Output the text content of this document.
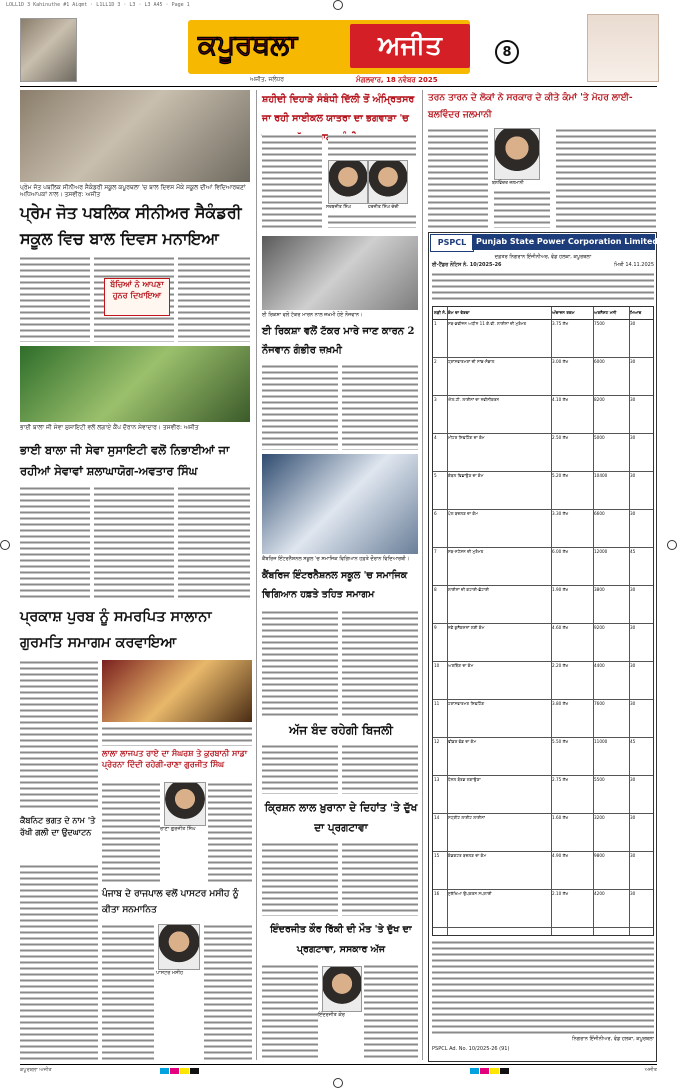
LOLL1D 3 Kahinuthe #1 Aiqmt · L1LL1D 3 · L3 · L3 A45 · Page 1
ਕਪੂਰਥਲਾ	ਅਜੀਤ
ਅਜੀਤ, ਜਲੰਧਰ	ਮੰਗਲਵਾਰ, 18 ਨਵੰਬਰ 2025
8
ਪ੍ਰੇਮ ਜੋਤ ਪਬਲਿਕ ਸੀਨੀਅਰ ਸੈਕੰਡਰੀ ਸਕੂਲ ਕਪੂਰਥਲਾ 'ਚ ਬਾਲ ਦਿਵਸ ਮੌਕੇ ਸਕੂਲ ਦੀਆਂ ਵਿਦਿਆਰਥਣਾਂ ਅਧਿਆਪਕਾਂ ਨਾਲ। ਤਸਵੀਰ: ਅਜੀਤ
ਪ੍ਰੇਮ ਜੋਤ ਪਬਲਿਕ ਸੀਨੀਅਰ ਸੈਕੰਡਰੀ ਸਕੂਲ ਵਿਚ ਬਾਲ ਦਿਵਸ ਮਨਾਇਆ
ਬੱਚਿਆਂ ਨੇ ਆਪਣਾ ਹੁਨਰ ਦਿਖਾਇਆ
ਭਾਈ ਬਾਲਾ ਜੀ ਸੇਵਾ ਸੁਸਾਇਟੀ ਵਲੋਂ ਲਗਾਏ ਕੈਂਪ ਦੌਰਾਨ ਸੇਵਾਦਾਰ। ਤਸਵੀਰ: ਅਜੀਤ
ਭਾਈ ਬਾਲਾ ਜੀ ਸੇਵਾ ਸੁਸਾਇਟੀ ਵਲੋਂ ਨਿਭਾਈਆਂ ਜਾ ਰਹੀਆਂ ਸੇਵਾਵਾਂ ਸ਼ਲਾਘਾਯੋਗ-ਅਵਤਾਰ ਸਿੰਘ
ਪ੍ਰਕਾਸ਼ ਪੁਰਬ ਨੂੰ ਸਮਰਪਿਤ ਸਾਲਾਨਾ ਗੁਰਮਤਿ ਸਮਾਗਮ ਕਰਵਾਇਆ
ਲਾਲਾ ਲਾਜਪਤ ਰਾਏ ਦਾ ਸੰਘਰਸ਼ ਤੇ ਕੁਰਬਾਨੀ ਸਾਡਾ ਪ੍ਰੇਰਨਾ ਦਿੰਦੀ ਰਹੇਗੀ-ਰਾਣਾ ਗੁਰਜੀਤ ਸਿੰਘ
ਰਾਣਾ ਗੁਰਜੀਤ ਸਿੰਘ
ਕੈਬਨਿਟ ਭਗਤ ਦੇ ਨਾਮ 'ਤੇ ਰੱਖੀ ਗਲੀ ਦਾ ਉਦਘਾਟਨ
ਪੰਜਾਬ ਦੇ ਰਾਜਪਾਲ ਵਲੋਂ ਪਾਸਟਰ ਮਸੀਹ ਨੂੰ ਕੀਤਾ ਸਨਮਾਨਿਤ
ਪਾਸਟਰ ਮਸੀਹ
ਸ਼ਹੀਦੀ ਦਿਹਾੜੇ ਸੰਬੰਧੀ ਦਿੱਲੀ ਤੋਂ ਅੰਮ੍ਰਿਤਸਰ ਜਾ ਰਹੀ ਸਾਈਕਲ ਯਾਤਰਾ ਦਾ ਭਗਵਾੜਾ 'ਚ
ਸਰਬਜੀਤ ਸਿੰਘ	ਹਰਜੀਤ ਸਿੰਘ ਚੰਦੀ
ਈ ਰਿਕਸ਼ਾ ਵਲੋਂ ਟੱਕਰ ਮਾਰਨ ਨਾਲ ਜ਼ਖ਼ਮੀ ਹੋਏ ਨੌਜਵਾਨ।
ਈ ਰਿਕਸ਼ਾ ਵਲੋਂ ਟੱਕਰ ਮਾਰੇ ਜਾਣ ਕਾਰਨ 2 ਨੌਜਵਾਨ ਗੰਭੀਰ ਜ਼ਖ਼ਮੀ
ਕੈਂਬਰਿਜ ਇੰਟਰਨੈਸ਼ਨਲ ਸਕੂਲ 'ਚ ਸਮਾਜਿਕ ਵਿਗਿਆਨ ਹਫ਼ਤੇ ਦੌਰਾਨ ਵਿਦਿਆਰਥੀ।
ਕੈਂਬਰਿਜ ਇੰਟਰਨੈਸ਼ਨਲ ਸਕੂਲ 'ਚ ਸਮਾਜਿਕ ਵਿਗਿਆਨ ਹਫ਼ਤੇ ਤਹਿਤ ਸਮਾਗਮ
ਅੱਜ ਬੰਦ ਰਹੇਗੀ ਬਿਜਲੀ
ਕ੍ਰਿਸ਼ਨ ਲਾਲ ਖ਼ੁਰਾਨਾ ਦੇ ਦਿਹਾਂਤ 'ਤੇ ਦੁੱਖ ਦਾ ਪ੍ਰਗਟਾਵਾ
ਇੰਦਰਜੀਤ ਕੌਰ ਰਿੱਕੀ ਦੀ ਮੌਤ 'ਤੇ ਦੁੱਖ ਦਾ ਪ੍ਰਗਟਾਵਾ, ਸਸਕਾਰ ਅੱਜ
ਇੰਦਰਜੀਤ ਕੌਰ
ਤਰਨ ਤਾਰਨ ਦੇ ਲੋਕਾਂ ਨੇ ਸਰਕਾਰ ਦੇ ਕੀਤੇ ਕੰਮਾਂ 'ਤੇ ਮੋਹਰ ਲਾਈ-ਬਲਵਿੰਦਰ ਜਲਮਾਨੀ
ਬਲਵਿੰਦਰ ਜਲਮਾਨੀ
PSPCL	Punjab State Power Corporation Limited
ਦਫ਼ਤਰ ਨਿਗਰਾਨ ਇੰਜੀਨੀਅਰ, ਵੰਡ ਹਲਕਾ, ਕਪੂਰਥਲਾ
ਈ-ਟੈਂਡਰ ਨੋਟਿਸ ਨੰ. 10/2025-26	ਮਿਤੀ 14.11.2025
ਲੜੀ ਨੰ. ਕੰਮ ਦਾ ਵੇਰਵਾ	ਅੰਦਾਜ਼ਨ ਰਕਮ	ਅਰਨੈਸਟ ਮਨੀ	ਮਿਆਦ
1	ਸਬ-ਡਵੀਜ਼ਨ ਅਧੀਨ 11 ਕੇ.ਵੀ. ਲਾਈਨਾਂ ਦੀ ਮੁਰੰਮਤ	3.75 ਲੱਖ	7500	30
2	ਟ੍ਰਾਂਸਫਾਰਮਰਾਂ ਦੀ ਸਾਂਭ-ਸੰਭਾਲ	3.00 ਲੱਖ	6000	30
3	ਐਲ.ਟੀ. ਲਾਈਨਾਂ ਦਾ ਨਵੀਨੀਕਰਨ	4.10 ਲੱਖ	8200	30
4	ਮੀਟਰ ਸ਼ਿਫਟਿੰਗ ਦਾ ਕੰਮ	2.50 ਲੱਖ	5000	30
5	ਕੇਬਲ ਵਿਛਾਉਣ ਦਾ ਕੰਮ	5.20 ਲੱਖ	10400	30
6	ਪੋਲ ਬਦਲਣ ਦਾ ਕੰਮ	3.30 ਲੱਖ	6600	30
7	ਸਬ-ਸਟੇਸ਼ਨ ਦੀ ਮੁਰੰਮਤ	6.00 ਲੱਖ	12000	45
8	ਲਾਈਨਾਂ ਦੀ ਕਟਾਈ-ਛੰਟਾਈ	1.90 ਲੱਖ	3800	30
9	ਨਵੇਂ ਕੁਨੈਕਸ਼ਨਾਂ ਲਈ ਕੰਮ	4.60 ਲੱਖ	9200	30
10	ਅਰਥਿੰਗ ਦਾ ਕੰਮ	2.20 ਲੱਖ	4400	30
11	ਟਰਾਂਸਫਾਰਮਰ ਸ਼ਿਫਟਿੰਗ	3.80 ਲੱਖ	7600	30
12	ਫੀਡਰ ਵੰਡ ਦਾ ਕੰਮ	5.50 ਲੱਖ	11000	45
13	ਪੈਨਲ ਬੋਰਡ ਲਗਾਉਣਾ	2.75 ਲੱਖ	5500	30
14	ਸਟ੍ਰੀਟ ਲਾਈਟ ਲਾਈਨਾਂ	1.60 ਲੱਖ	3200	30
15	ਕੰਡਕਟਰ ਬਦਲਣ ਦਾ ਕੰਮ	4.90 ਲੱਖ	9800	30
16	ਸੁਰੱਖਿਆ ਉਪਕਰਨ ਸਪਲਾਈ	2.10 ਲੱਖ	4200	30
ਨਿਗਰਾਨ ਇੰਜੀਨੀਅਰ, ਵੰਡ ਹਲਕਾ, ਕਪੂਰਥਲਾ
PSPCL Ad. No. 10/2025-26 (91)
ਕਪੂਰਥਲਾ ਅਜੀਤ	ਅਜੀਤ
